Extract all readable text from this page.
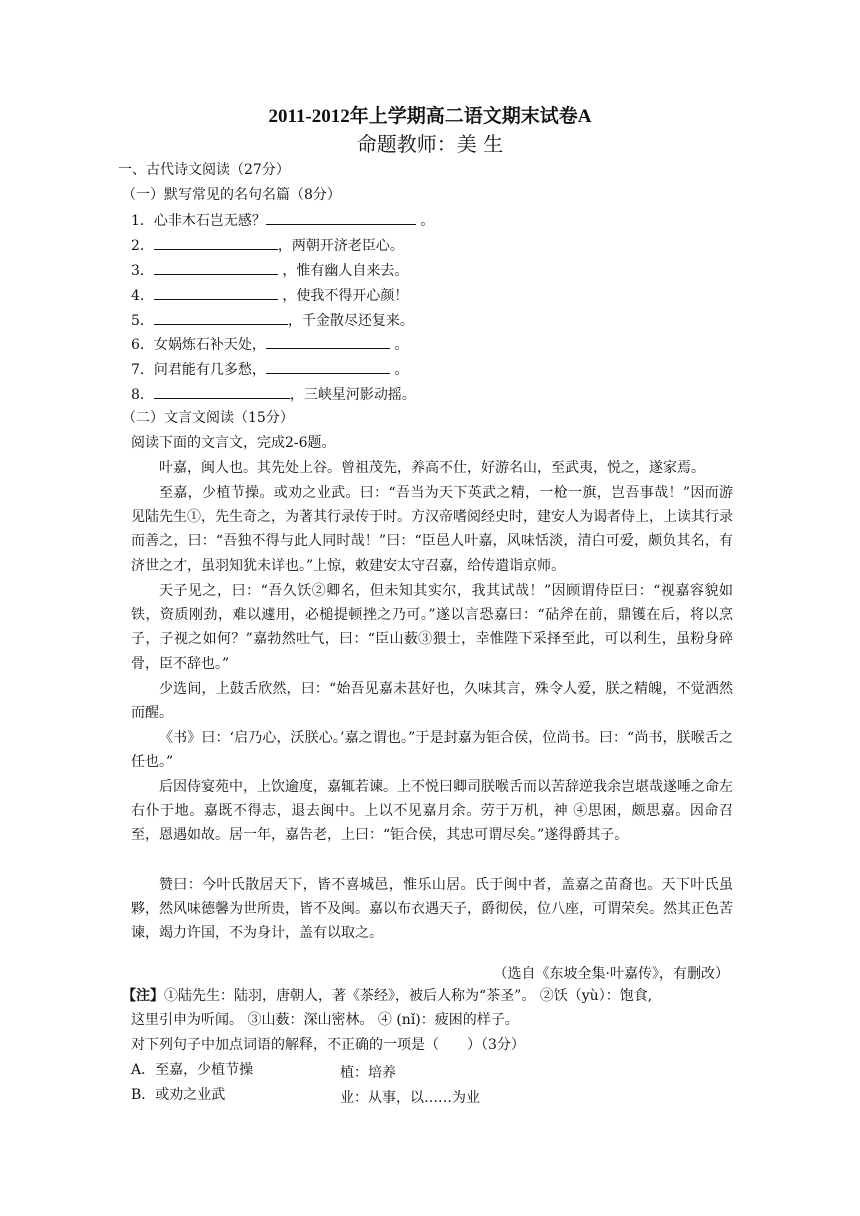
2011-2012年上学期高二语文期末试卷A
命题教师：美 生
一、古代诗文阅读（27分）
（一）默写常见的名句名篇（8分）
1．心非木石岂无感？	。
2．	，两朝开济老臣心。
3．	，惟有幽人自来去。
4．	，使我不得开心颜！
5．	，千金散尽还复来。
6．女娲炼石补天处，	。
7．问君能有几多愁，	。
8．	，三峡星河影动摇。
（二）文言文阅读（15分）
阅读下面的文言文，完成2-6题。
叶嘉，闽人也。其先处上谷。曾祖茂先，养高不仕，好游名山，至武夷，悦之，遂家焉。
至嘉，少植节操。或劝之业武。曰：“吾当为天下英武之精，一枪一旗，岂吾事哉！”因而游见陆先生①，先生奇之，为著其行录传于时。方汉帝嗜阅经史时，建安人为谒者侍上，上读其行录而善之，曰：“吾独不得与此人同时哉！”曰：“臣邑人叶嘉，风味恬淡，清白可爱，颇负其名，有济世之才，虽羽知犹未详也。”上惊，敕建安太守召嘉，给传遣诣京师。
天子见之，曰：“吾久饫②卿名，但未知其实尔，我其试哉！”因顾谓侍臣曰：“视嘉容貌如铁，资质刚劲，难以遽用，必槌提顿挫之乃可。”遂以言恐嘉曰：“砧斧在前，鼎镬在后，将以烹子，子视之如何？”嘉勃然吐气，曰：“臣山薮③猥士，幸惟陛下采择至此，可以利生，虽粉身碎骨，臣不辞也。”
少选间，上鼓舌欣然，曰：“始吾见嘉未甚好也，久味其言，殊令人爱，朕之精魄，不觉洒然而醒。
《书》曰：‘启乃心，沃朕心。’嘉之谓也。”于是封嘉为钜合侯，位尚书。曰：“尚书，朕喉舌之任也。”
后因侍宴苑中，上饮逾度，嘉辄若谏。上不悦曰卿司朕喉舌而以苦辞逆我余岂堪哉遂唾之命左右仆于地。嘉既不得志，退去闽中。上以不见嘉月余。劳于万机，神 ④思困，颇思嘉。因命召至，恩遇如故。居一年，嘉告老，上曰：“钜合侯，其忠可谓尽矣。”遂得爵其子。
赞曰：今叶氏散居天下，皆不喜城邑，惟乐山居。氏于闽中者，盖嘉之苗裔也。天下叶氏虽夥，然风味德馨为世所贵，皆不及闽。嘉以布衣遇天子，爵彻侯，位八座，可谓荣矣。然其正色苦谏，竭力许国，不为身计，盖有以取之。
（选自《东坡全集·叶嘉传》，有删改）
【注】①陆先生：陆羽，唐朝人，著《茶经》，被后人称为“茶圣”。 ②饫（yù）：饱食,
这里引申为听闻。 ③山薮：深山密林。 ④ (nǐ)：疲困的样子。
对下列句子中加点词语的解释，不正确的一项是（　　）（3分）
A．至嘉，少植节操	植：培养
B．或劝之业武	业：从事，以……为业
